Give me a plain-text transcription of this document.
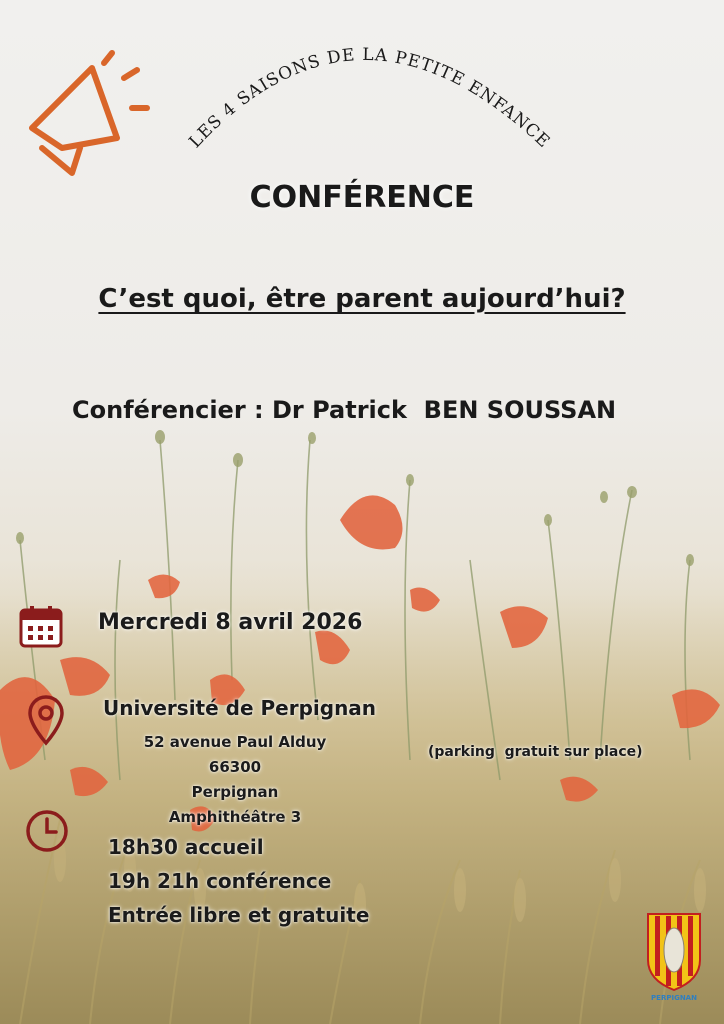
LES 4 SAISONS DE LA PETITE ENFANCE
CONFÉRENCE
C’est quoi, être parent aujourd’hui?
Conférencier : Dr Patrick  BEN SOUSSAN
Mercredi 8 avril 2026
Université de Perpignan
52 avenue Paul Alduy 66300
Perpignan
Amphithéâtre 3
(parking  gratuit sur place)
18h30 accueil
19h 21h conférence
Entrée libre et gratuite
PERPIGNAN
